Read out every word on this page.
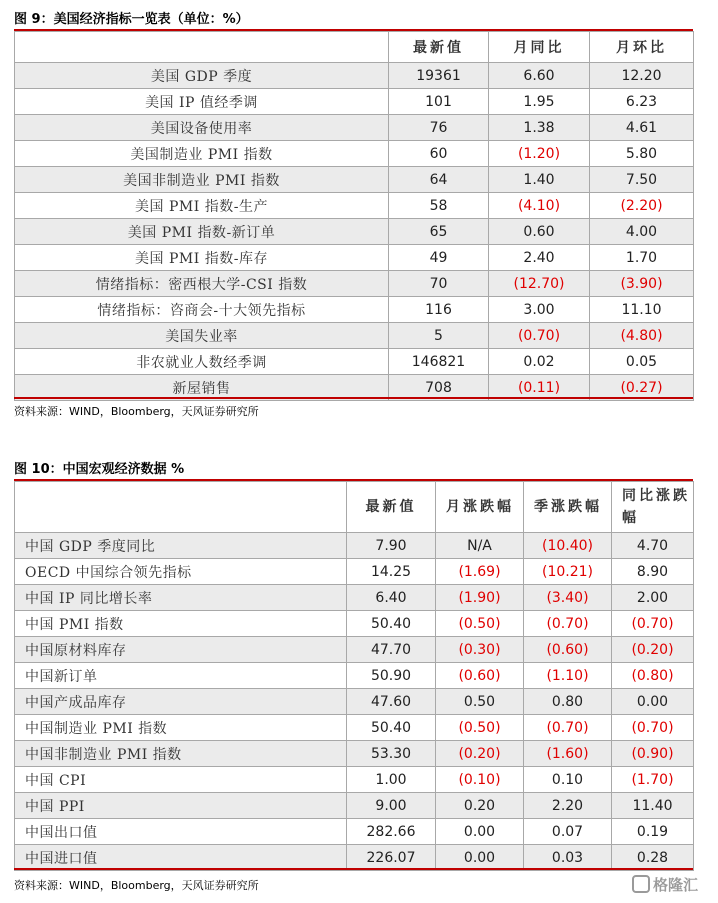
图 9：美国经济指标一览表（单位：%）
	最新值	月同比	月环比
美国 GDP 季度	19361	6.60	12.20
美国 IP 值经季调	101	1.95	6.23
美国设备使用率	76	1.38	4.61
美国制造业 PMI 指数	60	(1.20)	5.80
美国非制造业 PMI 指数	64	1.40	7.50
美国 PMI 指数-生产	58	(4.10)	(2.20)
美国 PMI 指数-新订单	65	0.60	4.00
美国 PMI 指数-库存	49	2.40	1.70
情绪指标：密西根大学-CSI 指数	70	(12.70)	(3.90)
情绪指标：咨商会-十大领先指标	116	3.00	11.10
美国失业率	5	(0.70)	(4.80)
非农就业人数经季调	146821	0.02	0.05
新屋销售	708	(0.11)	(0.27)
资料来源：WIND，Bloomberg，天风证券研究所
图 10：中国宏观经济数据 %
	最新值	月涨跌幅	季涨跌幅	同比涨跌幅
中国 GDP 季度同比	7.90	N/A	(10.40)	4.70
OECD 中国综合领先指标	14.25	(1.69)	(10.21)	8.90
中国 IP 同比增长率	6.40	(1.90)	(3.40)	2.00
中国 PMI 指数	50.40	(0.50)	(0.70)	(0.70)
中国原材料库存	47.70	(0.30)	(0.60)	(0.20)
中国新订单	50.90	(0.60)	(1.10)	(0.80)
中国产成品库存	47.60	0.50	0.80	0.00
中国制造业 PMI 指数	50.40	(0.50)	(0.70)	(0.70)
中国非制造业 PMI 指数	53.30	(0.20)	(1.60)	(0.90)
中国 CPI	1.00	(0.10)	0.10	(1.70)
中国 PPI	9.00	0.20	2.20	11.40
中国出口值	282.66	0.00	0.07	0.19
中国进口值	226.07	0.00	0.03	0.28
资料来源：WIND，Bloomberg，天风证券研究所	格隆汇
